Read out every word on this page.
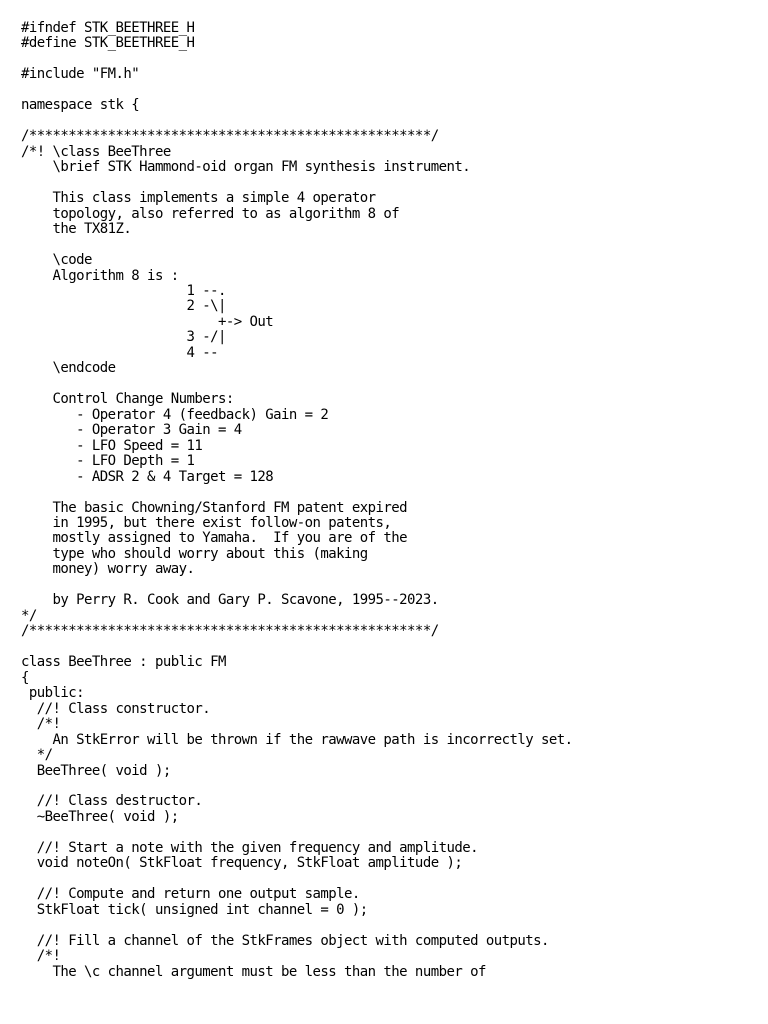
#ifndef STK_BEETHREE_H
#define STK_BEETHREE_H
#include "FM.h"
namespace stk {
/***************************************************/
/*! \class BeeThree
\brief STK Hammond-oid organ FM synthesis instrument.
This class implements a simple 4 operator
topology, also referred to as algorithm 8 of
the TX81Z.
\code
Algorithm 8 is :
1 --.
2 -\|
+-> Out
3 -/|
4 --
\endcode
Control Change Numbers:
- Operator 4 (feedback) Gain = 2
- Operator 3 Gain = 4
- LFO Speed = 11
- LFO Depth = 1
- ADSR 2 & 4 Target = 128
The basic Chowning/Stanford FM patent expired
in 1995, but there exist follow-on patents,
mostly assigned to Yamaha.  If you are of the
type who should worry about this (making
money) worry away.
by Perry R. Cook and Gary P. Scavone, 1995--2023.
*/
/***************************************************/
class BeeThree : public FM
{
public:
//! Class constructor.
/*!
An StkError will be thrown if the rawwave path is incorrectly set.
*/
BeeThree( void );
//! Class destructor.
~BeeThree( void );
//! Start a note with the given frequency and amplitude.
void noteOn( StkFloat frequency, StkFloat amplitude );
//! Compute and return one output sample.
StkFloat tick( unsigned int channel = 0 );
//! Fill a channel of the StkFrames object with computed outputs.
/*!
The \c channel argument must be less than the number of
